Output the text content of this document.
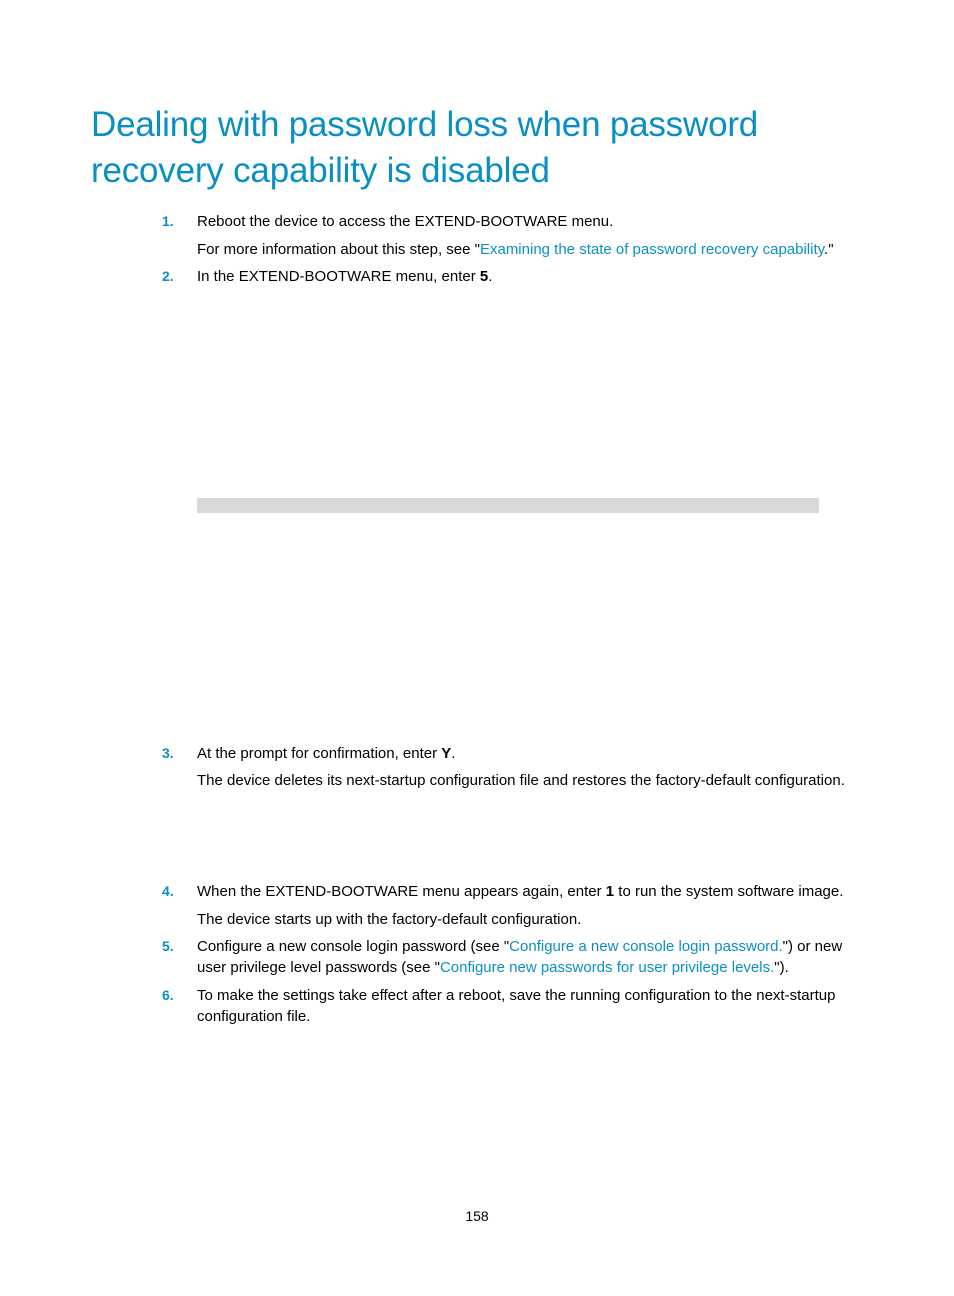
Dealing with password loss when password recovery capability is disabled
1. Reboot the device to access the EXTEND-BOOTWARE menu.
For more information about this step, see "Examining the state of password recovery capability."
2. In the EXTEND-BOOTWARE menu, enter 5.
3. At the prompt for confirmation, enter Y.
The device deletes its next-startup configuration file and restores the factory-default configuration.
4. When the EXTEND-BOOTWARE menu appears again, enter 1 to run the system software image.
The device starts up with the factory-default configuration.
5. Configure a new console login password (see "Configure a new console login password.") or new user privilege level passwords (see "Configure new passwords for user privilege levels.").
6. To make the settings take effect after a reboot, save the running configuration to the next-startup configuration file.
158
